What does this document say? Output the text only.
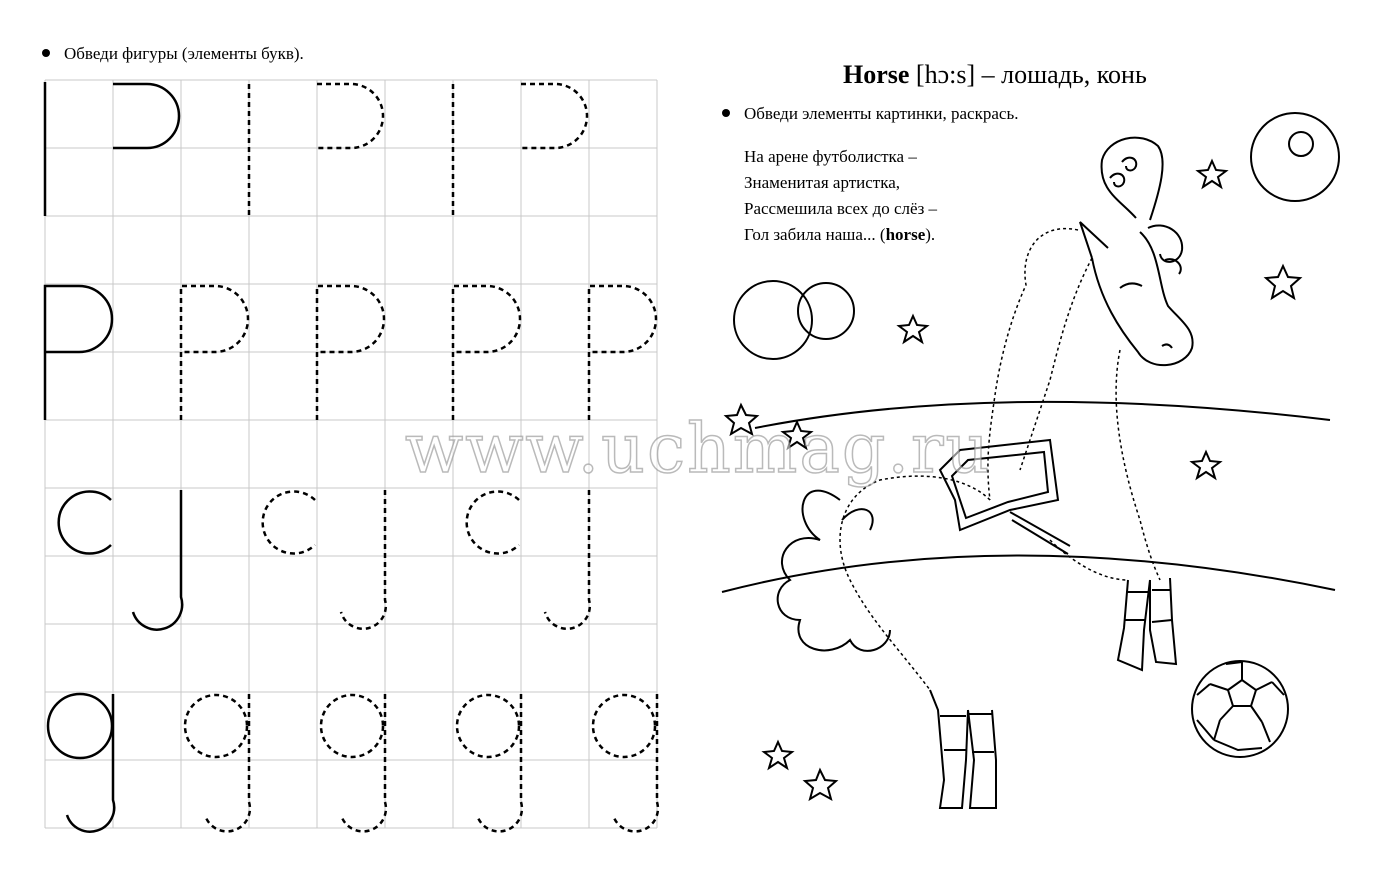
Обведи фигуры (элементы букв).
Horse [hɔ:s] – лошадь, конь
Обведи элементы картинки, раскрась.
На арене футболистка –
Знаменитая артистка,
Рассмешила всех до слёз –
Гол забила наша... (horse).
www.uchmag.ru
